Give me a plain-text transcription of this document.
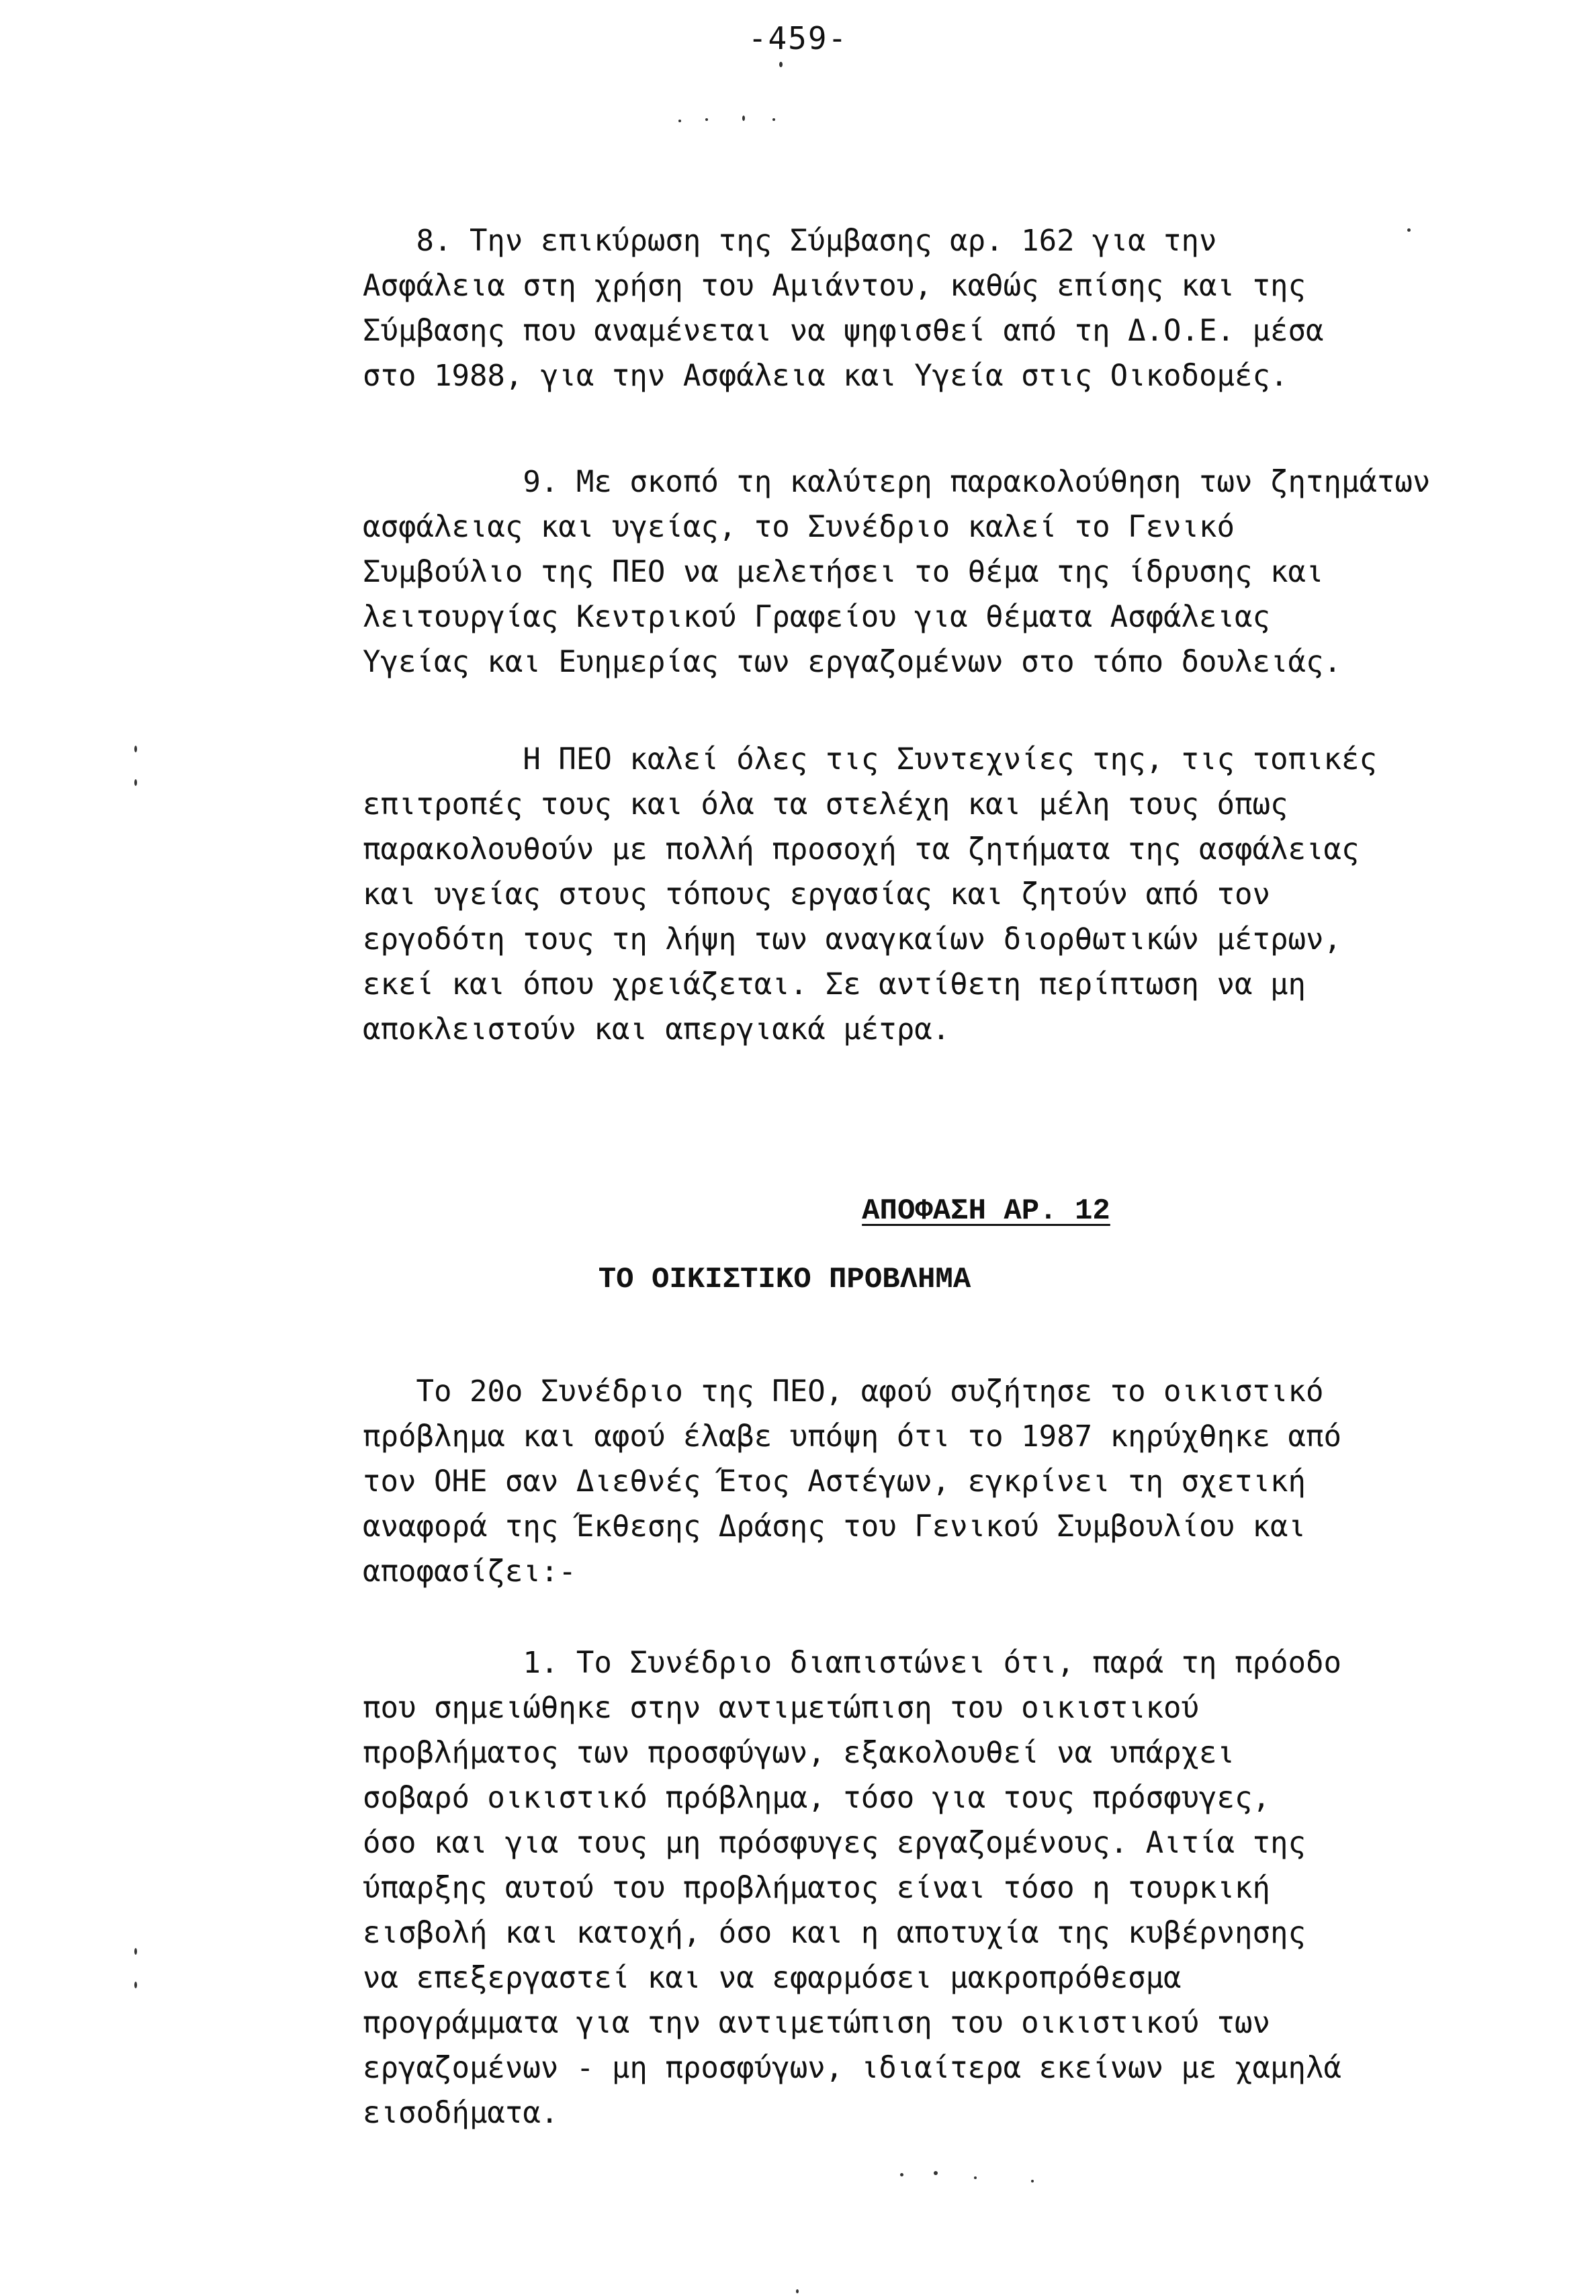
-459-
8. Την επικύρωση της Σύμβασης αρ. 162 για την
Ασφάλεια στη χρήση του Αμιάντου, καθώς επίσης και της
Σύμβασης που αναμένεται να ψηφισθεί από τη Δ.Ο.Ε. μέσα
στο 1988, για την Ασφάλεια και Υγεία στις Οικοδομές.
9. Με σκοπό τη καλύτερη παρακολούθηση των ζητημάτων
ασφάλειας και υγείας, το Συνέδριο καλεί το Γενικό
Συμβούλιο της ΠΕΟ να μελετήσει το θέμα της ίδρυσης και
λειτουργίας Κεντρικού Γραφείου για θέματα Ασφάλειας
Υγείας και Ευημερίας των εργαζομένων στο τόπο δουλειάς.
Η ΠΕΟ καλεί όλες τις Συντεχνίες της, τις τοπικές
επιτροπές τους και όλα τα στελέχη και μέλη τους όπως
παρακολουθούν με πολλή προσοχή τα ζητήματα της ασφάλειας
και υγείας στους τόπους εργασίας και ζητούν από τον
εργοδότη τους τη λήψη των αναγκαίων διορθωτικών μέτρων,
εκεί και όπου χρειάζεται. Σε αντίθετη περίπτωση να μη
αποκλειστούν και απεργιακά μέτρα.
ΑΠΟΦΑΣΗ ΑΡ. 12
ΤΟ ΟΙΚΙΣΤΙΚΟ ΠΡΟΒΛΗΜΑ
Το 20ο Συνέδριο της ΠΕΟ, αφού συζήτησε το οικιστικό
πρόβλημα και αφού έλαβε υπόψη ότι το 1987 κηρύχθηκε από
τον ΟΗΕ σαν Διεθνές Έτος Αστέγων, εγκρίνει τη σχετική
αναφορά της Έκθεσης Δράσης του Γενικού Συμβουλίου και
αποφασίζει:-
1. Το Συνέδριο διαπιστώνει ότι, παρά τη πρόοδο
που σημειώθηκε στην αντιμετώπιση του οικιστικού
προβλήματος των προσφύγων, εξακολουθεί να υπάρχει
σοβαρό οικιστικό πρόβλημα, τόσο για τους πρόσφυγες,
όσο και για τους μη πρόσφυγες εργαζομένους. Αιτία της
ύπαρξης αυτού του προβλήματος είναι τόσο η τουρκική
εισβολή και κατοχή, όσο και η αποτυχία της κυβέρνησης
να επεξεργαστεί και να εφαρμόσει μακροπρόθεσμα
προγράμματα για την αντιμετώπιση του οικιστικού των
εργαζομένων - μη προσφύγων, ιδιαίτερα εκείνων με χαμηλά
εισοδήματα.
